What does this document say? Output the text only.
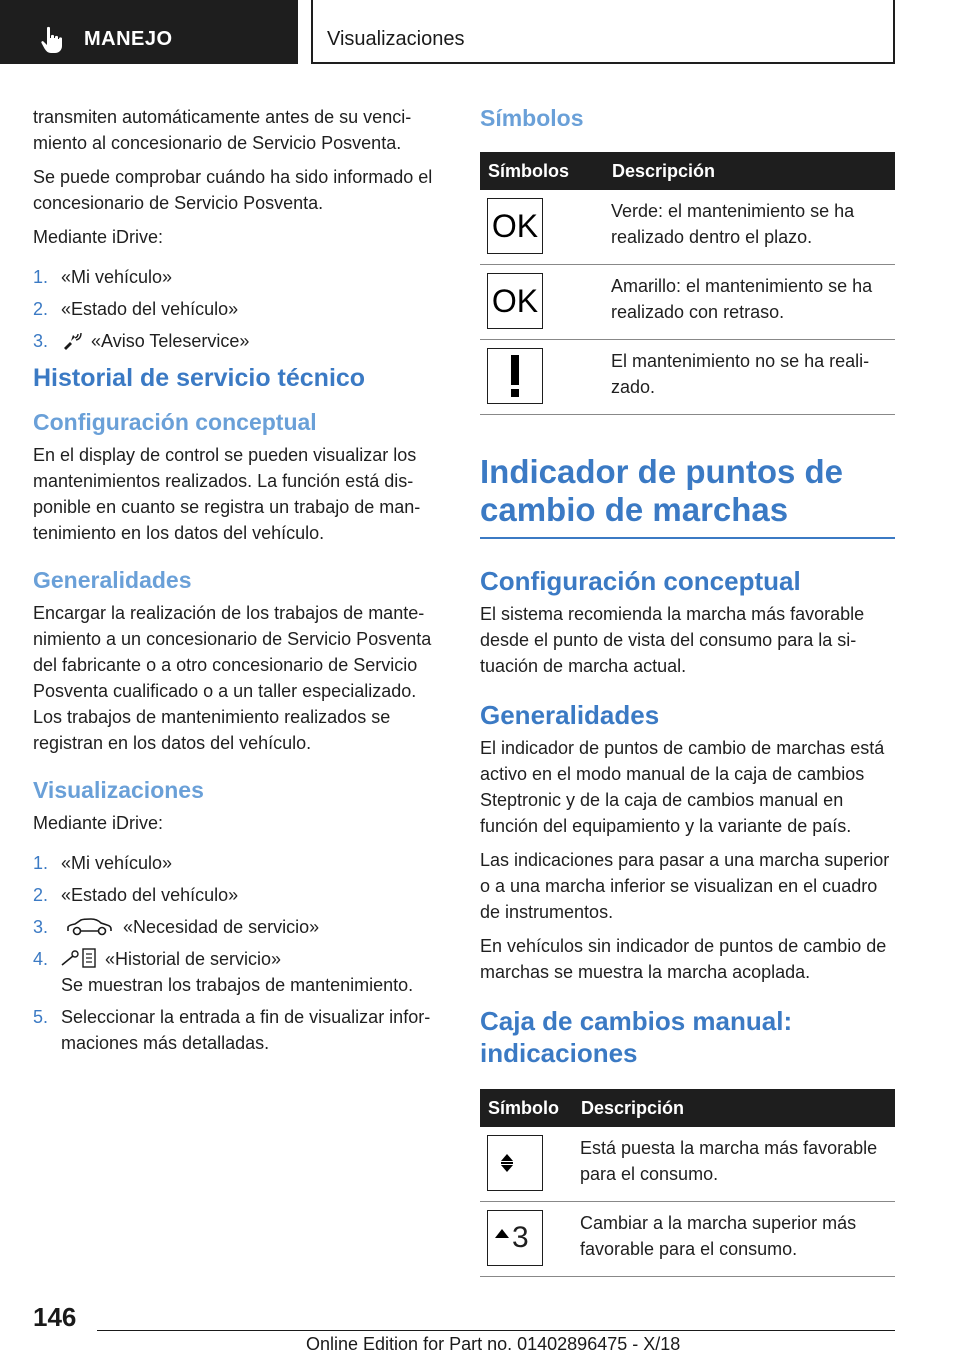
MANEJO	Visualizaciones

transmiten automáticamente antes de su vencimiento al concesionario de Servicio Posventa.

Se puede comprobar cuándo ha sido informado el concesionario de Servicio Posventa.

Mediante iDrive:

1. «Mi vehículo»
2. «Estado del vehículo»
3. «Aviso Teleservice»
Historial de servicio técnico
Configuración conceptual

En el display de control se pueden visualizar los mantenimientos realizados. La función está disponible en cuanto se registra un trabajo de mantenimiento en los datos del vehículo.

Generalidades

Encargar la realización de los trabajos de mantenimiento a un concesionario de Servicio Posventa del fabricante o a otro concesionario de Servicio Posventa cualificado o a un taller especializado. Los trabajos de mantenimiento realizados se registran en los datos del vehículo.

Visualizaciones

Mediante iDrive:

1. «Mi vehículo»
2. «Estado del vehículo»
3.	«Necesidad de servicio»
4.	«Historial de servicio»
Se muestran los trabajos de mantenimiento.
5. Seleccionar la entrada a fin de visualizar informaciones más detalladas.
Símbolos
Símbolos	Descripción

OK	Verde: el mantenimiento se ha realizado dentro el plazo.

OK	Amarillo: el mantenimiento se ha realizado con retraso.

	El mantenimiento no se ha realizado.
Indicador de puntos de cambio de marchas
Configuración conceptual

El sistema recomienda la marcha más favorable desde el punto de vista del consumo para la situación de marcha actual.

Generalidades

El indicador de puntos de cambio de marchas está activo en el modo manual de la caja de cambios Steptronic y de la caja de cambios manual en función del equipamiento y la variante de país.

Las indicaciones para pasar a una marcha superior o a una marcha inferior se visualizan en el cuadro de instrumentos.

En vehículos sin indicador de puntos de cambio de marchas se muestra la marcha acoplada.

Caja de cambios manual: indicaciones
Símbolo	Descripción

	Está puesta la marcha más favorable para el consumo.

3	Cambiar a la marcha superior más favorable para el consumo.
146
Online Edition for Part no. 01402896475 - X/18
